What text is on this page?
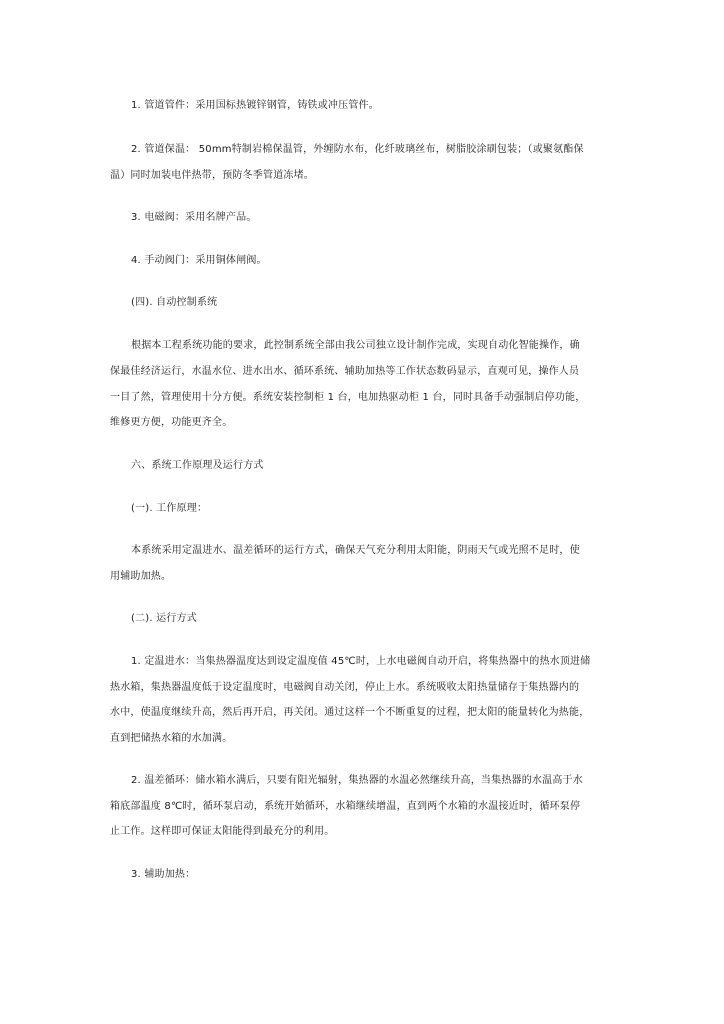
1. 管道管件：采用国标热镀锌钢管，铸铁或冲压管件。
2. 管道保温： 50mm特制岩棉保温管，外缠防水布，化纤玻璃丝布，树脂胶涂刷包装；（或聚氨酯保
温）同时加装电伴热带，预防冬季管道冻堵。
3. 电磁阀：采用名牌产品。
4. 手动阀门：采用铜体闸阀。
(四). 自动控制系统
根据本工程系统功能的要求，此控制系统全部由我公司独立设计制作完成，实现自动化智能操作，确
保最佳经济运行，水温水位、进水出水、循环系统、辅助加热等工作状态数码显示，直观可见，操作人员
一目了然，管理使用十分方便。系统安装控制柜 1 台，电加热驱动柜 1 台，同时具备手动强制启停功能，
维修更方便，功能更齐全。
六、系统工作原理及运行方式
(一). 工作原理：
本系统采用定温进水、温差循环的运行方式，确保天气充分利用太阳能，阴雨天气或光照不足时，使
用辅助加热。
(二). 运行方式
1. 定温进水：当集热器温度达到设定温度值 45℃时，上水电磁阀自动开启，将集热器中的热水顶进储
热水箱，集热器温度低于设定温度时，电磁阀自动关闭，停止上水。系统吸收太阳热量储存于集热器内的
水中，使温度继续升高，然后再开启，再关闭。通过这样一个不断重复的过程，把太阳的能量转化为热能，
直到把储热水箱的水加满。
2. 温差循环：储水箱水满后，只要有阳光辐射，集热器的水温必然继续升高，当集热器的水温高于水
箱底部温度 8℃时，循环泵启动，系统开始循环，水箱继续增温，直到两个水箱的水温接近时，循环泵停
止工作。这样即可保证太阳能得到最充分的利用。
3. 辅助加热：
